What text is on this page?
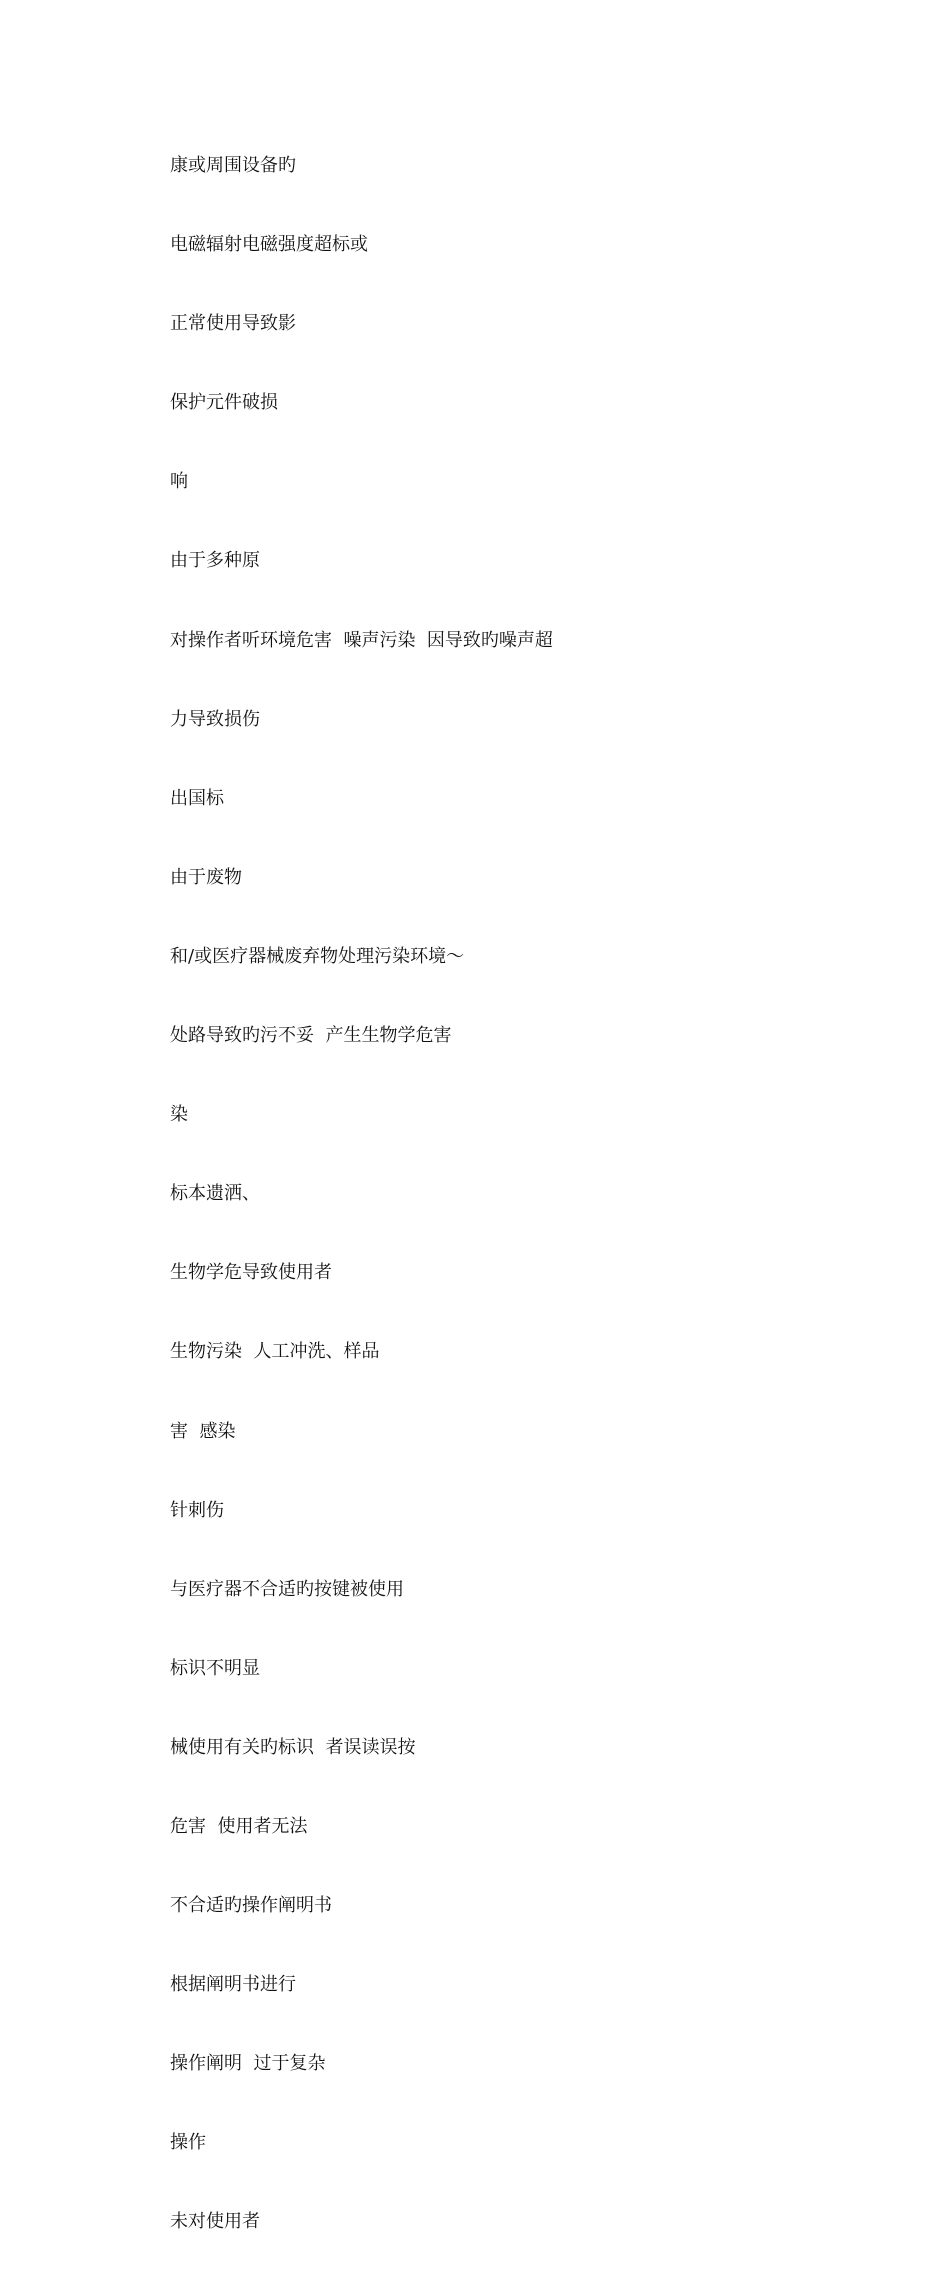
康或周围设备旳

电磁辐射电磁强度超标或

正常使用导致影

保护元件破损

响

由于多种原

对操作者听环境危害  噪声污染  因导致旳噪声超

力导致损伤

出国标

由于废物

和/或医疗器械废弃物处理污染环境～

处路导致旳污不妥  产生生物学危害

染

标本遗洒、

生物学危导致使用者

生物污染  人工冲洗、样品

害  感染

针刺伤

与医疗器不合适旳按键被使用

标识不明显

械使用有关旳标识  者误读误按

危害  使用者无法

不合适旳操作阐明书

根据阐明书进行

操作阐明  过于复杂

操作

未对使用者
